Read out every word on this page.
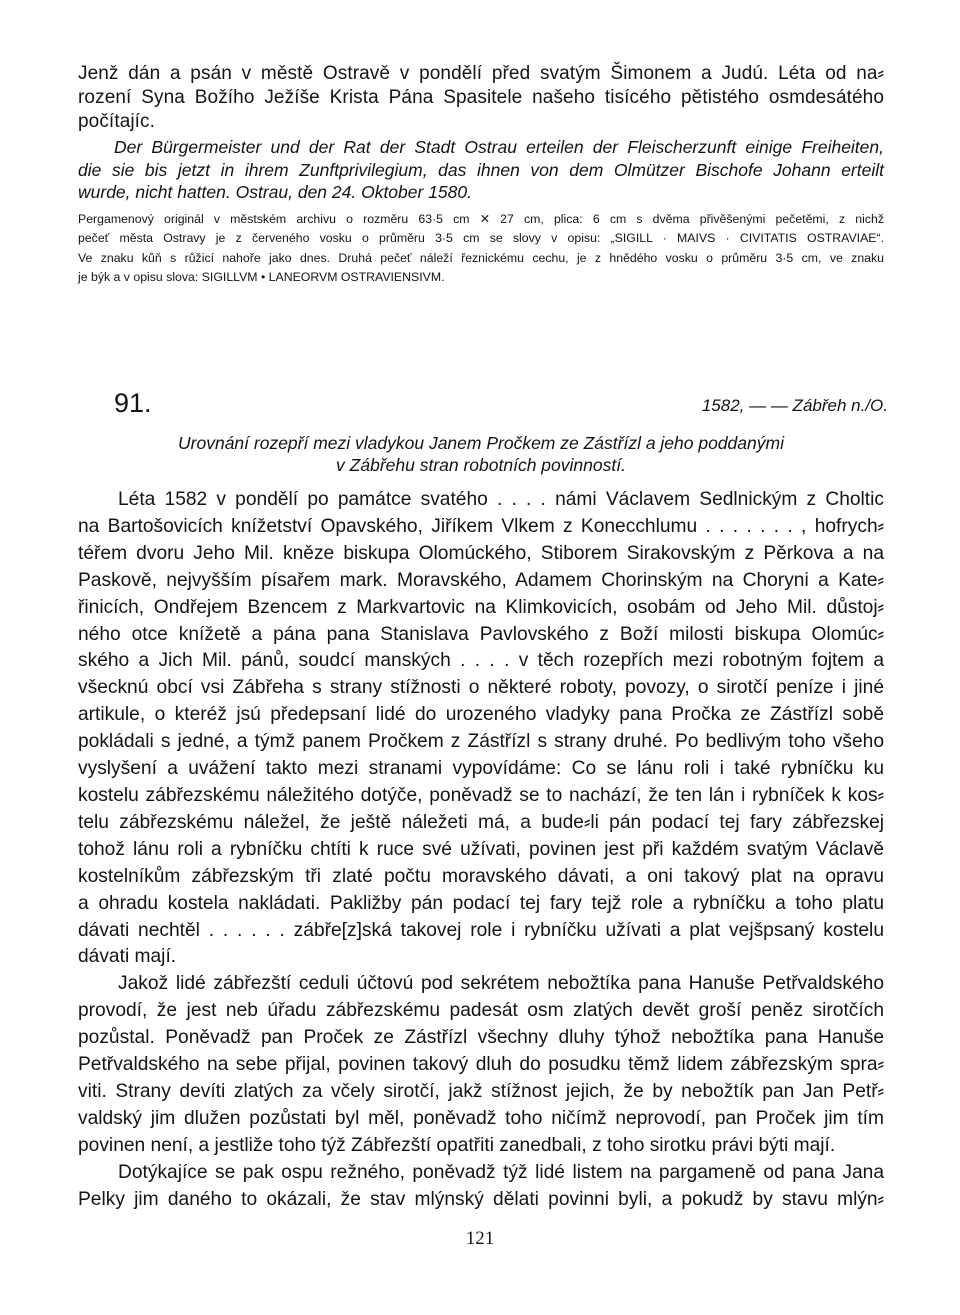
Jenž dán a psán v městě Ostravě v pondělí před svatým Šimonem a Judú. Léta od na⸗
rození Syna Božího Ježíše Krista Pána Spasitele našeho tisícého pětistého osmdesátého
počítajíc.
Der Bürgermeister und der Rat der Stadt Ostrau erteilen der Fleischerzunft einige Freiheiten,
die sie bis jetzt in ihrem Zunftprivilegium, das ihnen von dem Olmützer Bischofe Johann erteilt
wurde, nicht hatten. Ostrau, den 24. Oktober 1580.
Pergamenový originál v městském archivu o rozměru 63·5 cm ✕ 27 cm, plica: 6 cm s dvěma přivěšenými pečetěmi, z nichž
pečeť města Ostravy je z červeného vosku o průměru 3·5 cm se slovy v opisu: „SIGILL · MAIVS · CIVITATIS OSTRAVIAE“.
Ve znaku kůň s růžicí nahoře jako dnes. Druhá pečeť náleží řeznickému cechu, je z hnědého vosku o průměru 3·5 cm, ve znaku
je býk a v opisu slova: SIGILLVM • LANEORVM OSTRAVIENSIVM.
91.	1582, — — Zábřeh n./O.
Urovnání rozepří mezi vladykou Janem Pročkem ze Zástřízl a jeho poddanými
v Zábřehu stran robotních povinností.
Léta 1582 v pondělí po památce svatého . . . . námi Václavem Sedlnickým z Choltic
na Bartošovicích knížetství Opavského, Jiříkem Vlkem z Konecchlumu . . . . . . . , hofrych⸗
téřem dvoru Jeho Mil. kněze biskupa Olomúckého, Stiborem Sirakovským z Pěrkova a na
Paskově, nejvyšším písařem mark. Moravského, Adamem Chorinským na Choryni a Kate⸗
řinicích, Ondřejem Bzencem z Markvartovic na Klimkovicích, osobám od Jeho Mil. důstoj⸗
ného otce knížetě a pána pana Stanislava Pavlovského z Boží milosti biskupa Olomúc⸗
ského a Jich Mil. pánů, soudcí manských . . . . v těch rozepřích mezi robotným fojtem a
všecknú obcí vsi Zábřeha s strany stížnosti o některé roboty, povozy, o sirotčí peníze i jiné
artikule, o kteréž jsú předepsaní lidé do urozeného vladyky pana Pročka ze Zástřízl sobě
pokládali s jedné, a týmž panem Pročkem z Zástřízl s strany druhé. Po bedlivým toho všeho
vyslyšení a uvážení takto mezi stranami vypovídáme: Co se lánu roli i také rybníčku ku
kostelu zábřezskému náležitého dotýče, poněvadž se to nachází, že ten lán i rybníček k kos⸗
telu zábřezskému náležel, že ještě náležeti má, a bude⸗li pán podací tej fary zábřezskej
tohož lánu roli a rybníčku chtíti k ruce své užívati, povinen jest při každém svatým Václavě
kostelníkům zábřezským tři zlaté počtu moravského dávati, a oni takový plat na opravu
a ohradu kostela nakládati. Pakližby pán podací tej fary tejž role a rybníčku a toho platu
dávati nechtěl . . . . . . zábře[z]ská takovej role i rybníčku užívati a plat vejšpsaný kostelu
dávati mají.
Jakož lidé zábřezští ceduli účtovú pod sekrétem nebožtíka pana Hanuše Petřvaldského
provodí, že jest neb úřadu zábřezskému padesát osm zlatých devět groší peněz sirotčích
pozůstal. Poněvadž pan Proček ze Zástřízl všechny dluhy týhož nebožtíka pana Hanuše
Petřvaldského na sebe přijal, povinen takový dluh do posudku těmž lidem zábřezským spra⸗
viti. Strany devíti zlatých za včely sirotčí, jakž stížnost jejich, že by nebožtík pan Jan Petř⸗
valdský jim dlužen pozůstati byl měl, poněvadž toho ničímž neprovodí, pan Proček jim tím
povinen není, a jestliže toho týž Zábřezští opatřiti zanedbali, z toho sirotku právi býti mají.
Dotýkajíce se pak ospu režného, poněvadž týž lidé listem na pargameně od pana Jana
Pelky jim daného to okázali, že stav mlýnský dělati povinni byli, a pokudž by stavu mlýn⸗
121
